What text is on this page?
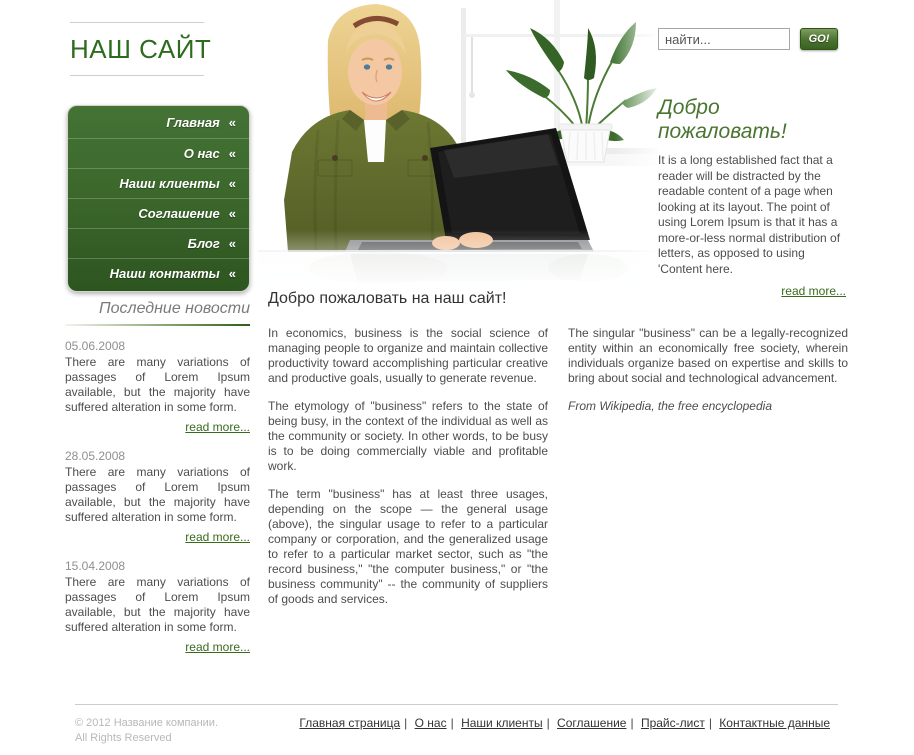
НАШ САЙТ
Главная «
О нас «
Наши клиенты «
Соглашение «
Блог «
Наши контакты «
Последние новости
05.06.2008
There are many variations of passages of Lorem Ipsum available, but the majority have suffered alteration in some form.
read more...
28.05.2008
There are many variations of passages of Lorem Ipsum available, but the majority have suffered alteration in some form.
read more...
15.04.2008
There are many variations of passages of Lorem Ipsum available, but the majority have suffered alteration in some form.
read more...
найти...
GO!
Добро пожаловать!
It is a long established fact that a reader will be distracted by the readable content of a page when looking at its layout. The point of using Lorem Ipsum is that it has a more-or-less normal distribution of letters, as opposed to using 'Content here.
read more...
Добро пожаловать на наш сайт!

In economics, business is the social science of managing people to organize and maintain collective productivity toward accomplishing particular creative and productive goals, usually to generate revenue.

The etymology of "business" refers to the state of being busy, in the context of the individual as well as the community or society. In other words, to be busy is to be doing commercially viable and profitable work.

The term "business" has at least three usages, depending on the scope — the general usage (above), the singular usage to refer to a particular company or corporation, and the generalized usage to refer to a particular market sector, such as "the record business," "the computer business," or "the business community" -- the community of suppliers of goods and services.

The singular "business" can be a legally-recognized entity within an economically free society, wherein individuals organize based on expertise and skills to bring about social and technological advancement.

From Wikipedia, the free encyclopedia
© 2012 Название компании.
All Rights Reserved
Главная страница | О нас | Наши клиенты | Соглашение | Прайс-лист | Контактные данные
